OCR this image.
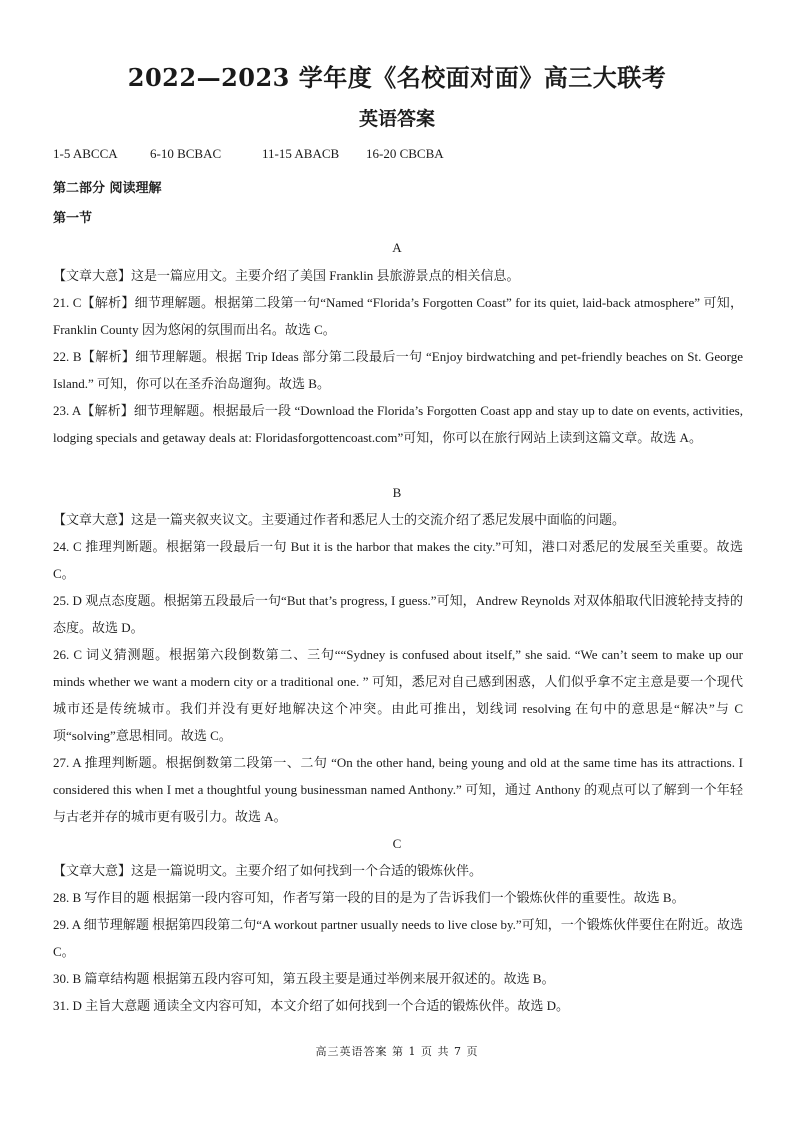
2022—2023 学年度《名校面对面》高三大联考
英语答案
1-5 ABCCA 6-10 BCBAC	11-15 ABACB 16-20 CBCBA
第二部分 阅读理解
第一节
A
【文章大意】这是一篇应用文。主要介绍了美国 Franklin 县旅游景点的相关信息。
21. C【解析】细节理解题。根据第二段第一句“Named “Florida’s Forgotten Coast” for its quiet, laid-back atmosphere” 可知，Franklin County 因为悠闲的氛围而出名。故选 C。
22. B【解析】细节理解题。根据 Trip Ideas 部分第二段最后一句 “Enjoy birdwatching and pet-friendly beaches on St. George Island.” 可知，你可以在圣乔治岛遛狗。故选 B。
23. A【解析】细节理解题。根据最后一段 “Download the Florida’s Forgotten Coast app and stay up to date on events, activities, lodging specials and getaway deals at: Floridasforgottencoast.com”可知，你可以在旅行网站上读到这篇文章。故选 A。
B
【文章大意】这是一篇夹叙夹议文。主要通过作者和悉尼人士的交流介绍了悉尼发展中面临的问题。
24. C 推理判断题。根据第一段最后一句 But it is the harbor that makes the city.”可知，港口对悉尼的发展至关重要。故选 C。
25. D 观点态度题。根据第五段最后一句“But that’s progress, I guess.”可知，Andrew Reynolds 对双体船取代旧渡轮持支持的态度。故选 D。
26. C 词义猜测题。根据第六段倒数第二、三句““Sydney is confused about itself,” she said. “We can’t seem to make up our minds whether we want a modern city or a traditional one. ” 可知，悉尼对自己感到困惑，人们似乎拿不定主意是要一个现代城市还是传统城市。我们并没有更好地解决这个冲突。由此可推出，划线词 resolving 在句中的意思是“解决”与 C 项“solving”意思相同。故选 C。
27. A 推理判断题。根据倒数第二段第一、二句 “On the other hand, being young and old at the same time has its attractions. I considered this when I met a thoughtful young businessman named Anthony.” 可知，通过 Anthony 的观点可以了解到一个年轻与古老并存的城市更有吸引力。故选 A。
C
【文章大意】这是一篇说明文。主要介绍了如何找到一个合适的锻炼伙伴。
28. B 写作目的题 根据第一段内容可知，作者写第一段的目的是为了告诉我们一个锻炼伙伴的重要性。故选 B。
29. A 细节理解题 根据第四段第二句“A workout partner usually needs to live close by.”可知，一个锻炼伙伴要住在附近。故选 C。
30. B 篇章结构题 根据第五段内容可知，第五段主要是通过举例来展开叙述的。故选 B。
31. D 主旨大意题 通读全文内容可知，本文介绍了如何找到一个合适的锻炼伙伴。故选 D。
高三英语答案 第 1 页 共 7 页
